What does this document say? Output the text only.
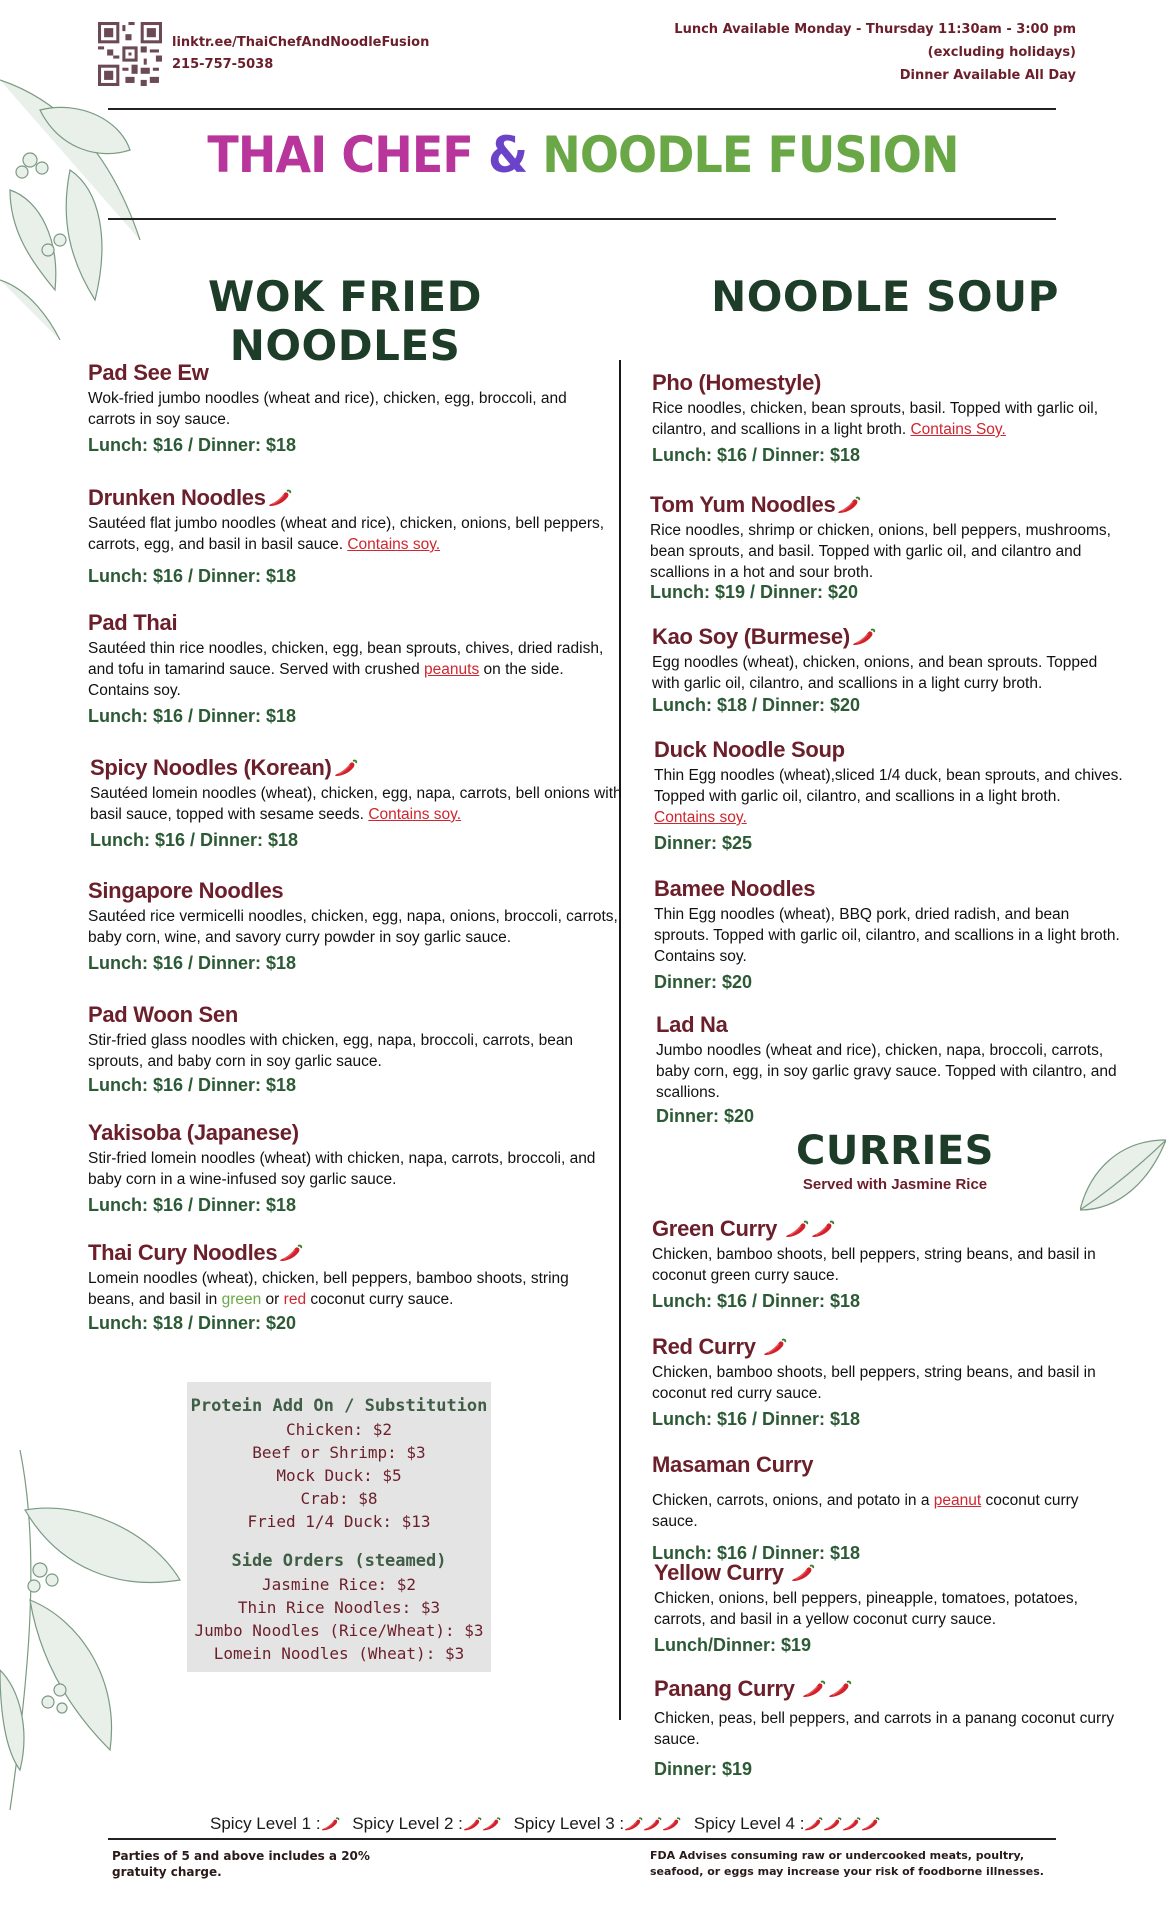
linktr.ee/ThaiChefAndNoodleFusion
215-757-5038
Lunch Available Monday - Thursday 11:30am - 3:00 pm
(excluding holidays)
Dinner Available All Day
THAI CHEF & NOODLE FUSION
WOK FRIED NOODLES
NOODLE SOUP
Pad See Ew
Wok-fried jumbo noodles (wheat and rice), chicken, egg, broccoli, and carrots in soy sauce.
Lunch: $16 / Dinner: $18
Drunken Noodles
Sautéed flat jumbo noodles (wheat and rice), chicken, onions, bell peppers, carrots, egg, and basil in basil sauce. Contains soy.
Lunch: $16 / Dinner: $18
Pad Thai
Sautéed thin rice noodles, chicken, egg, bean sprouts, chives, dried radish, and tofu in tamarind sauce. Served with crushed peanuts on the side. Contains soy.
Lunch: $16 / Dinner: $18
Spicy Noodles (Korean)
Sautéed lomein noodles (wheat), chicken, egg, napa, carrots, bell onions with basil sauce, topped with sesame seeds. Contains soy.
Lunch: $16 / Dinner: $18
Singapore Noodles
Sautéed rice vermicelli noodles, chicken, egg, napa, onions, broccoli, carrots, baby corn, wine, and savory curry powder in soy garlic sauce.
Lunch: $16 / Dinner: $18
Pad Woon Sen
Stir-fried glass noodles with chicken, egg, napa, broccoli, carrots, bean sprouts, and baby corn in soy garlic sauce.
Lunch: $16 / Dinner: $18
Yakisoba (Japanese)
Stir-fried lomein noodles (wheat) with chicken, napa, carrots, broccoli, and baby corn in a wine-infused soy garlic sauce.
Lunch: $16 / Dinner: $18
Thai Cury Noodles
Lomein noodles (wheat), chicken, bell peppers, bamboo shoots, string beans, and basil in green or red coconut curry sauce.
Lunch: $18 / Dinner: $20
Protein Add On / Substitution
Chicken: $2
Beef or Shrimp: $3
Mock Duck: $5
Crab: $8
Fried 1/4 Duck: $13
Side Orders (steamed)
Jasmine Rice: $2
Thin Rice Noodles: $3
Jumbo Noodles (Rice/Wheat): $3
Lomein Noodles (Wheat): $3
Pho (Homestyle)
Rice noodles, chicken, bean sprouts, basil. Topped with garlic oil, cilantro, and scallions in a light broth. Contains Soy.
Lunch: $16 / Dinner: $18
Tom Yum Noodles
Rice noodles, shrimp or chicken, onions, bell peppers, mushrooms, bean sprouts, and basil. Topped with garlic oil, and cilantro and scallions in a hot and sour broth.
Lunch: $19 / Dinner: $20
Kao Soy (Burmese)
Egg noodles (wheat), chicken, onions, and bean sprouts. Topped with garlic oil, cilantro, and scallions in a light curry broth.
Lunch: $18 / Dinner: $20
Duck Noodle Soup
Thin Egg noodles (wheat),sliced 1/4 duck, bean sprouts, and chives. Topped with garlic oil, cilantro, and scallions in a light broth. Contains soy.
Dinner: $25
Bamee Noodles
Thin Egg noodles (wheat), BBQ pork, dried radish, and bean sprouts. Topped with garlic oil, cilantro, and scallions in a light broth. Contains soy.
Dinner: $20
Lad Na
Jumbo noodles (wheat and rice), chicken, napa, broccoli, carrots, baby corn, egg, in soy garlic gravy sauce. Topped with cilantro, and scallions.
Dinner: $20
CURRIES
Served with Jasmine Rice
Green Curry
Chicken, bamboo shoots, bell peppers, string beans, and basil in coconut green curry sauce.
Lunch: $16 / Dinner: $18
Red Curry
Chicken, bamboo shoots, bell peppers, string beans, and basil in coconut red curry sauce.
Lunch: $16 / Dinner: $18
Masaman Curry
Chicken, carrots, onions, and potato in a peanut coconut curry sauce.
Lunch: $16 / Dinner: $18
Yellow Curry
Chicken, onions, bell peppers, pineapple, tomatoes, potatoes, carrots, and basil in a yellow coconut curry sauce.
Lunch/Dinner: $19
Panang Curry
Chicken, peas, bell peppers, and carrots in a panang coconut curry sauce.
Dinner: $19
Spicy Level 1 : Spicy Level 2 :	Spicy Level 3 :	Spicy Level 4 :
Parties of 5 and above includes a 20% gratuity charge.
FDA Advises consuming raw or undercooked meats, poultry, seafood, or eggs may increase your risk of foodborne illnesses.
